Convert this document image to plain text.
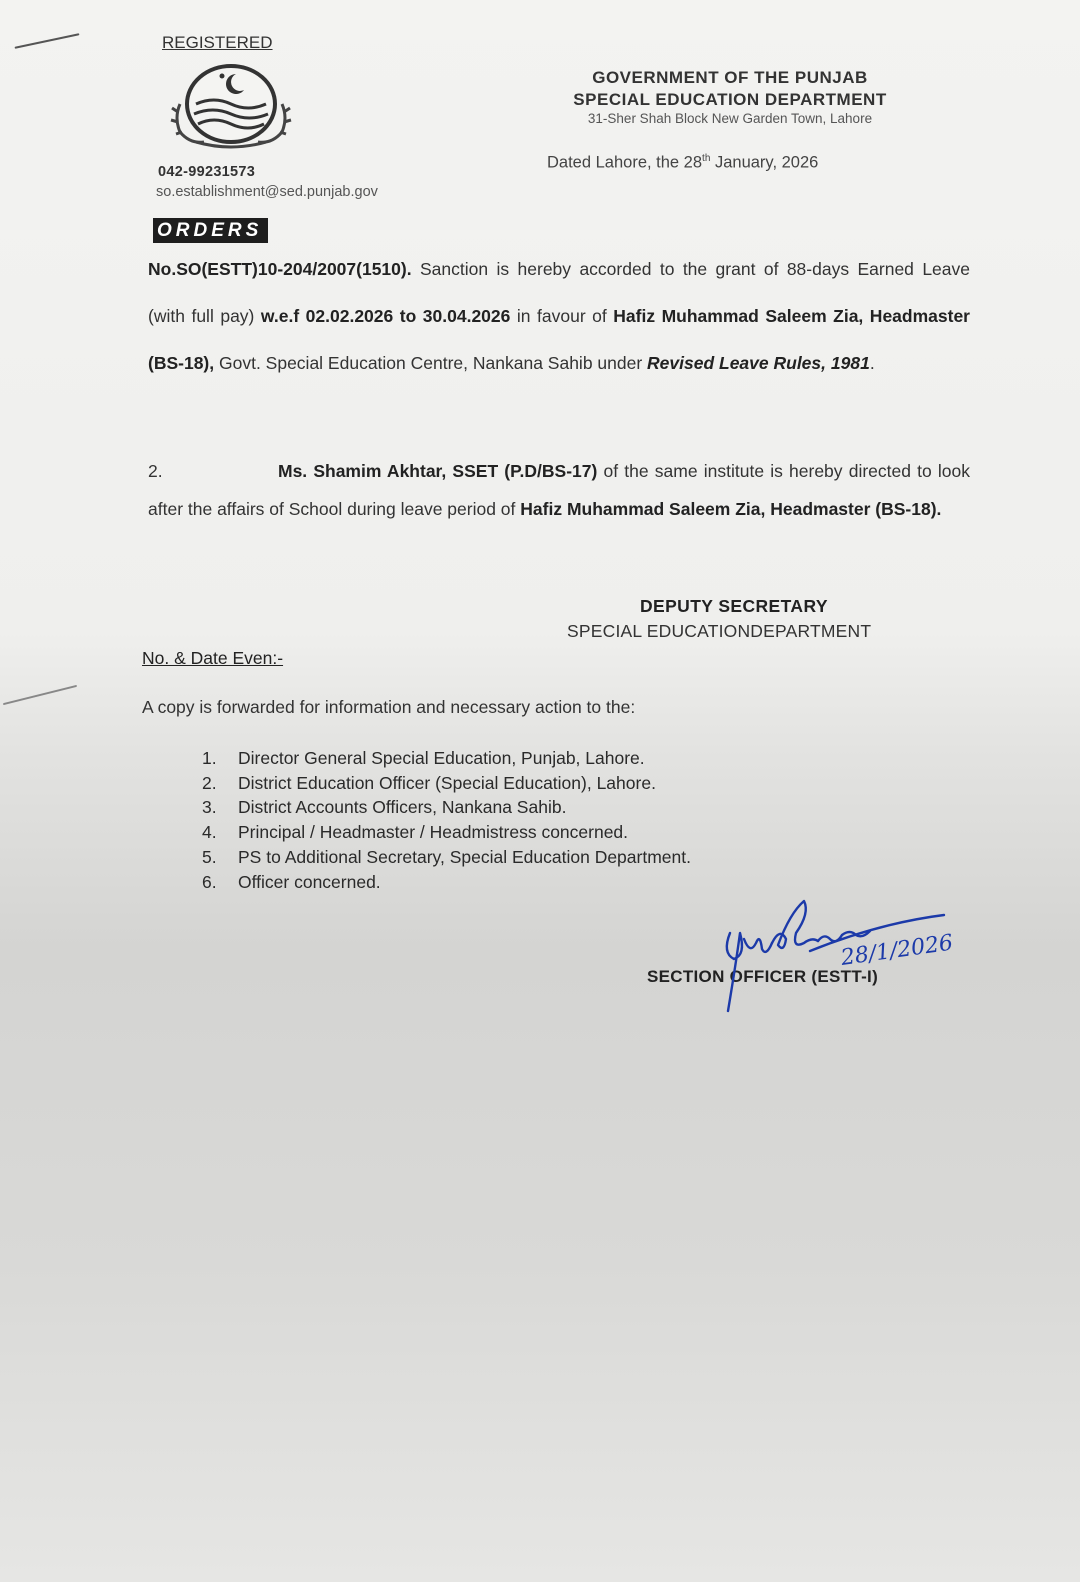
REGISTERED
042-99231573
so.establishment@sed.punjab.gov
GOVERNMENT OF THE PUNJAB
SPECIAL EDUCATION DEPARTMENT
31-Sher Shah Block New Garden Town, Lahore
Dated Lahore, the 28th January, 2026
ORDERS
No.SO(ESTT)10-204/2007(1510). Sanction is hereby accorded to the grant of 88-days Earned Leave (with full pay) w.e.f 02.02.2026 to 30.04.2026 in favour of Hafiz Muhammad Saleem Zia, Headmaster (BS-18), Govt. Special Education Centre, Nankana Sahib under Revised Leave Rules, 1981.
2.	Ms. Shamim Akhtar, SSET (P.D/BS-17) of the same institute is hereby directed to look after the affairs of School during leave period of Hafiz Muhammad Saleem Zia, Headmaster (BS-18).
DEPUTY SECRETARY
SPECIAL EDUCATIONDEPARTMENT
No. & Date Even:-
A copy is forwarded for information and necessary action to the:
1. Director General Special Education, Punjab, Lahore.
2. District Education Officer (Special Education), Lahore.
3. District Accounts Officers, Nankana Sahib.
4. Principal / Headmaster / Headmistress concerned.
5. PS to Additional Secretary, Special Education Department.
6. Officer concerned.
SECTION OFFICER (ESTT-I)
28/1/2026
